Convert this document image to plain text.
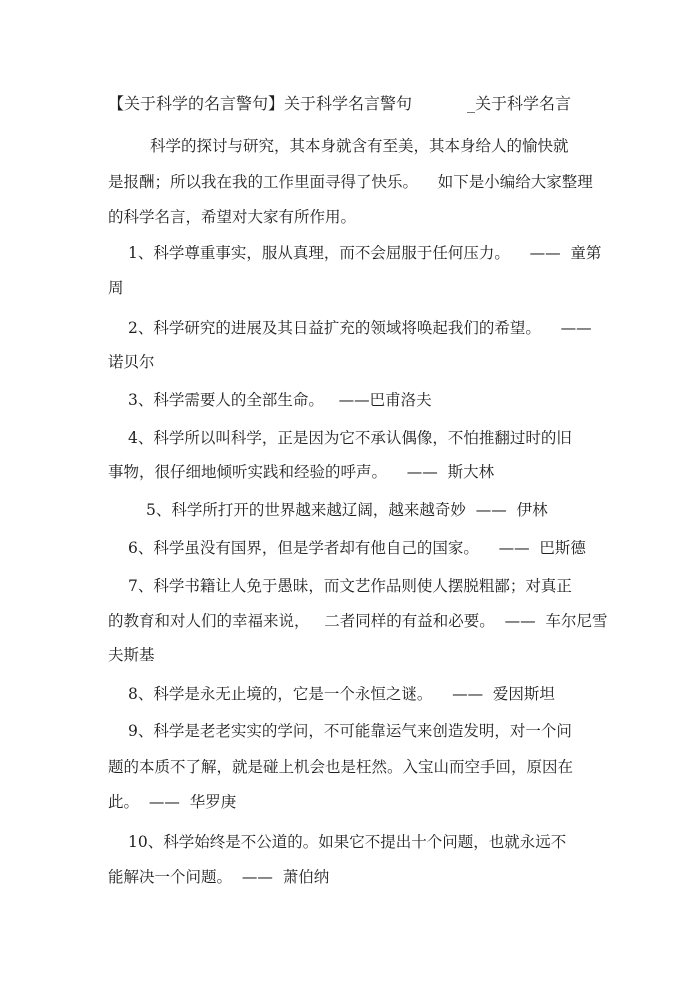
【关于科学的名言警句】关于科学名言警句	_关于科学名言
科学的探讨与研究，其本身就含有至美，其本身给人的愉快就
是报酬；所以我在我的工作里面寻得了快乐。    如下是小编给大家整理
的科学名言，希望对大家有所作用。
1、科学尊重事实，服从真理，而不会屈服于任何压力。    ——  童第
周
2、科学研究的进展及其日益扩充的领域将唤起我们的希望。    ——
诺贝尔
3、科学需要人的全部生命。   ——巴甫洛夫
4、科学所以叫科学，正是因为它不承认偶像，不怕推翻过时的旧
事物，很仔细地倾听实践和经验的呼声。    ——  斯大林
5、科学所打开的世界越来越辽阔，越来越奇妙  ——  伊林
6、科学虽没有国界，但是学者却有他自己的国家。    ——  巴斯德
7、科学书籍让人免于愚昧，而文艺作品则使人摆脱粗鄙；对真正
的教育和对人们的幸福来说，   二者同样的有益和必要。  ——  车尔尼雪
夫斯基
8、科学是永无止境的，它是一个永恒之谜。    ——  爱因斯坦
9、科学是老老实实的学问，不可能靠运气来创造发明，对一个问
题的本质不了解，就是碰上机会也是枉然。入宝山而空手回，原因在
此。  ——  华罗庚
10、科学始终是不公道的。如果它不提出十个问题，也就永远不
能解决一个问题。  ——  萧伯纳
